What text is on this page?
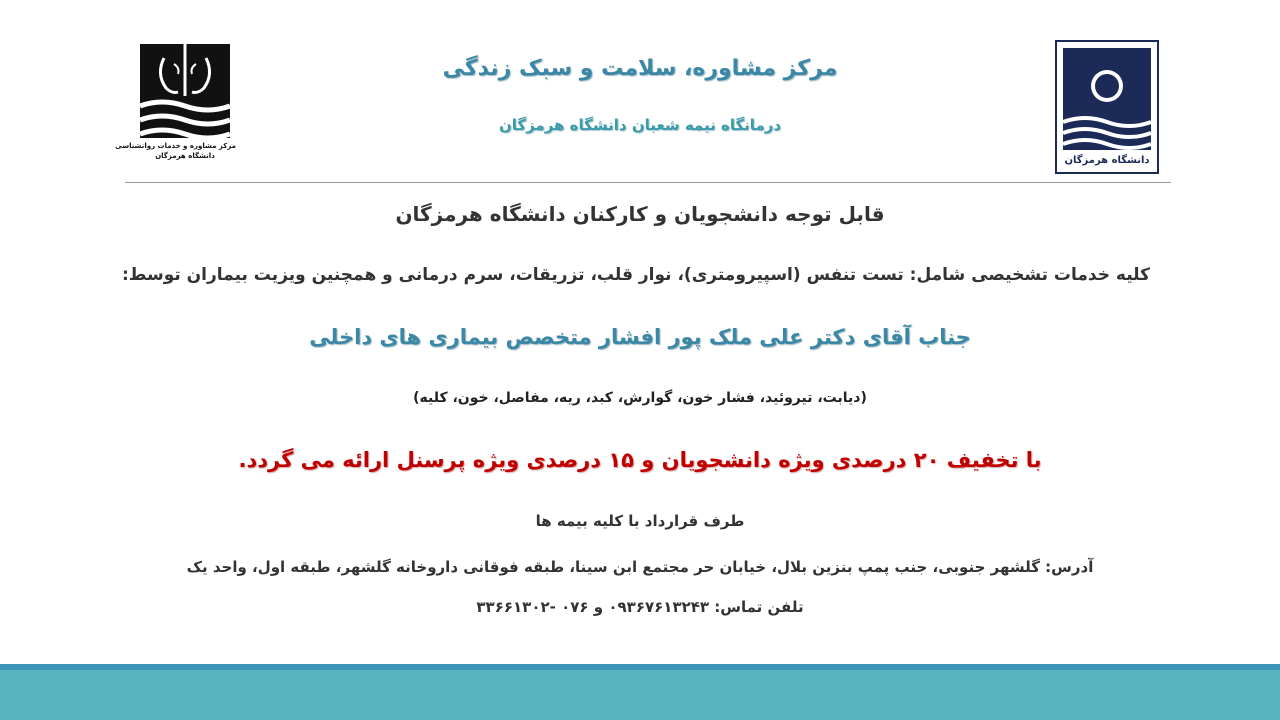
دانشگاه هرمزگان
مرکز مشاوره و خدمات روانشناسی
دانشگاه هرمزگان
مرکز مشاوره، سلامت و سبک زندگی
درمانگاه نیمه شعبان دانشگاه هرمزگان
قابل توجه دانشجویان و کارکنان دانشگاه هرمزگان
کلیه خدمات تشخیصی شامل: تست تنفس (اسپیرومتری)، نوار قلب، تزریقات، سرم درمانی و همچنین ویزیت بیماران توسط:
جناب آقای دکتر علی ملک پور افشار متخصص بیماری های داخلی
(دیابت، تیروئید، فشار خون، گوارش، کبد، ریه، مفاصل، خون، کلیه)
با تخفیف ۲۰ درصدی ویژه دانشجویان و ۱۵ درصدی ویژه پرسنل ارائه می گردد.
طرف قرارداد با کلیه بیمه ها
آدرس: گلشهر جنوبی، جنب پمپ بنزین بلال، خیابان حر مجتمع ابن سینا، طبقه فوقانی داروخانه گلشهر، طبقه اول، واحد یک
تلفن تماس: ۰۹۳۶۷۶۱۳۲۴۳ و ۰۷۶ -۳۳۶۶۱۳۰۲
